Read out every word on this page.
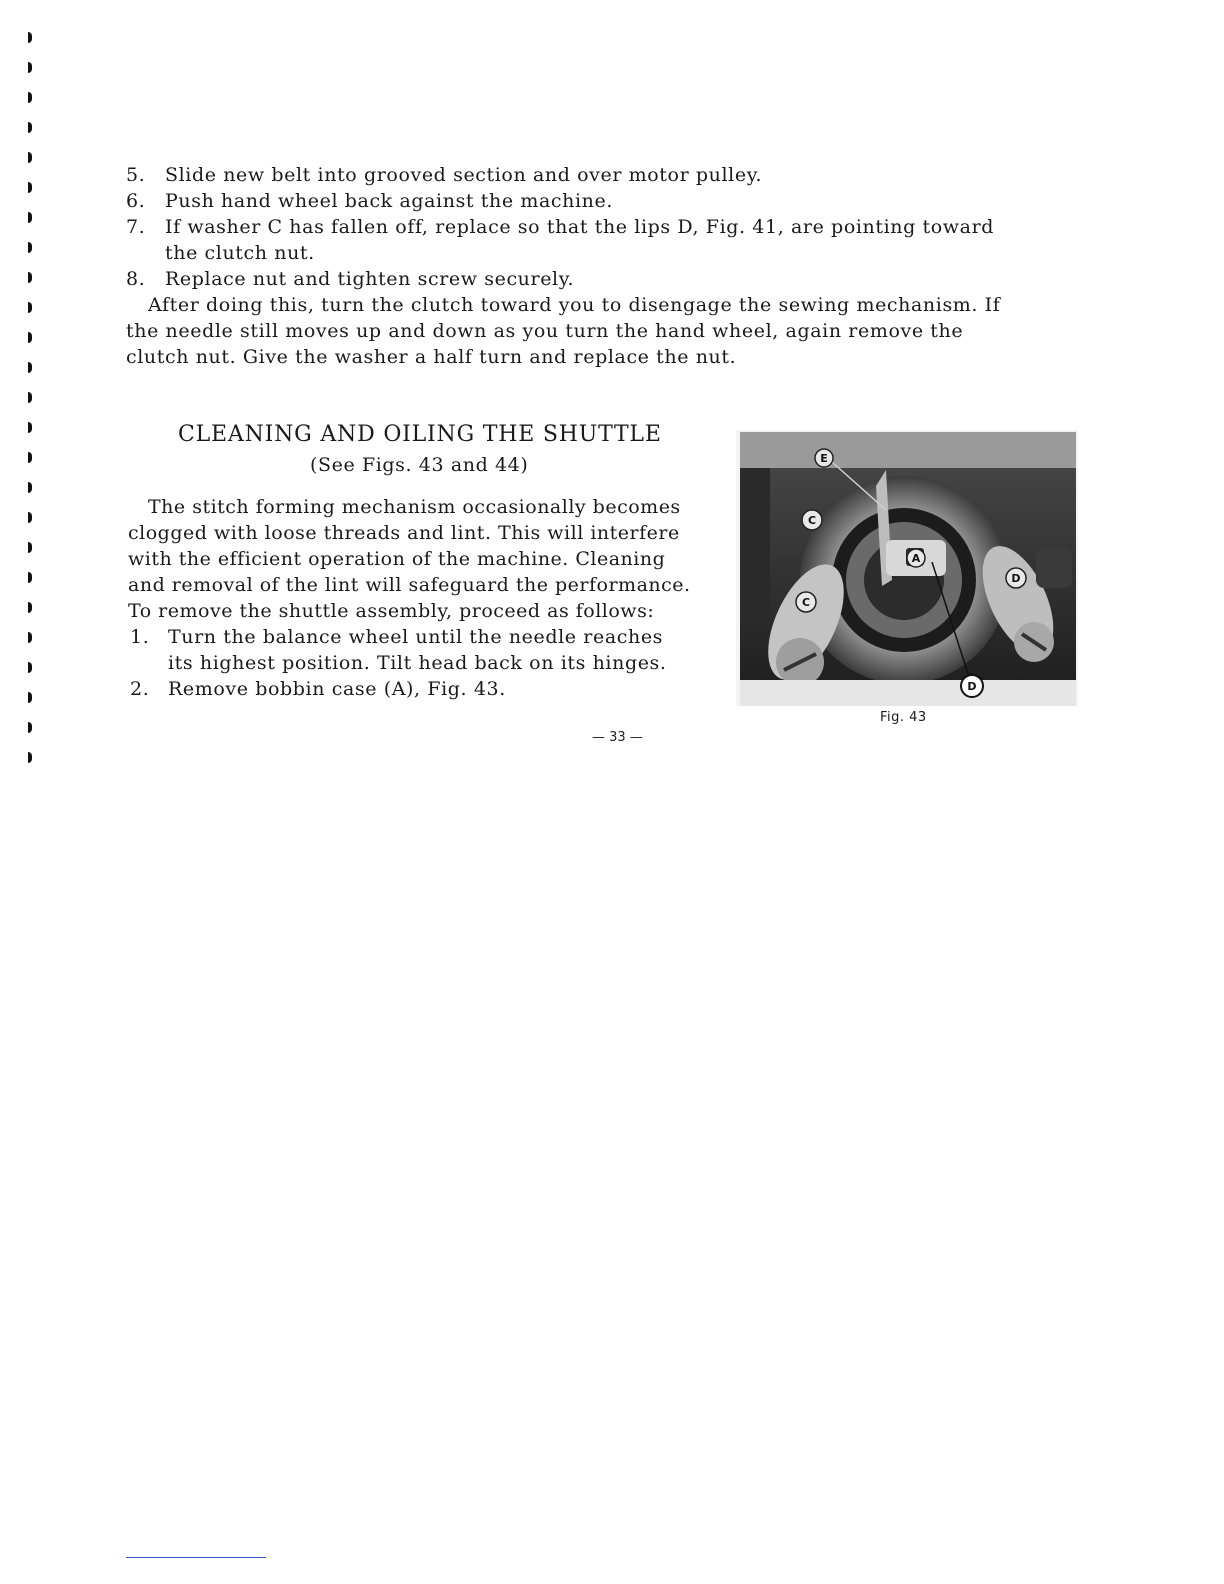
5. Slide new belt into grooved section and over motor pulley.
6. Push hand wheel back against the machine.
7. If washer C has fallen off, replace so that the lips D, Fig. 41, are pointing toward
the clutch nut.
8. Replace nut and tighten screw securely.
After doing this, turn the clutch toward you to disengage the sewing mechanism. If
the needle still moves up and down as you turn the hand wheel, again remove the
clutch nut. Give the washer a half turn and replace the nut.
CLEANING AND OILING THE SHUTTLE
(See Figs. 43 and 44)
The stitch forming mechanism occasionally becomes
clogged with loose threads and lint. This will interfere
with the efficient operation of the machine. Cleaning
and removal of the lint will safeguard the performance.
To remove the shuttle assembly, proceed as follows:
1. Turn the balance wheel until the needle reaches
its highest position. Tilt head back on its hinges.
2. Remove bobbin case (A), Fig. 43.
E
C
A
D
C
D
Fig. 43
— 33 —
